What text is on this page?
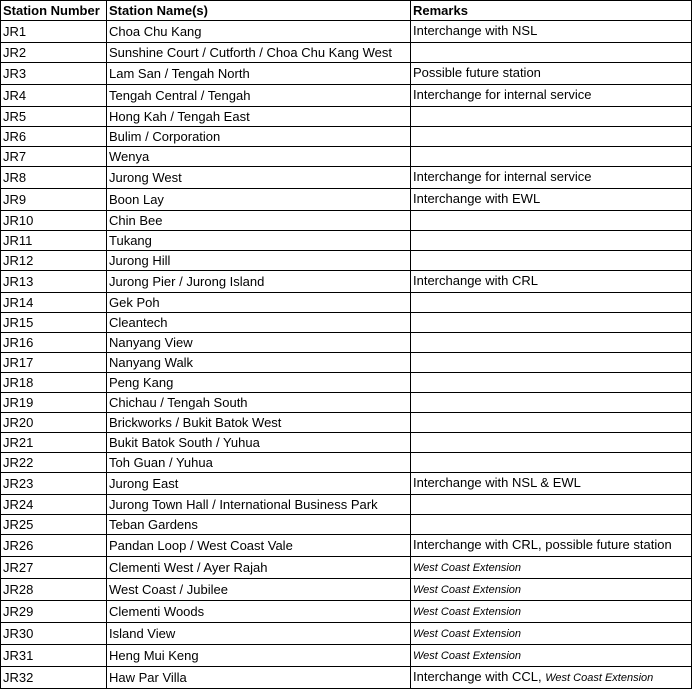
Station Number	Station Name(s)	Remarks
JR1	Choa Chu Kang	Interchange with NSL
JR2	Sunshine Court / Cutforth / Choa Chu Kang West	
JR3	Lam San / Tengah North	Possible future station
JR4	Tengah Central / Tengah	Interchange for internal service
JR5	Hong Kah / Tengah East	
JR6	Bulim / Corporation	
JR7	Wenya	
JR8	Jurong West	Interchange for internal service
JR9	Boon Lay	Interchange with EWL
JR10	Chin Bee	
JR11	Tukang	
JR12	Jurong Hill	
JR13	Jurong Pier / Jurong Island	Interchange with CRL
JR14	Gek Poh	
JR15	Cleantech	
JR16	Nanyang View	
JR17	Nanyang Walk	
JR18	Peng Kang	
JR19	Chichau / Tengah South	
JR20	Brickworks / Bukit Batok West	
JR21	Bukit Batok South / Yuhua	
JR22	Toh Guan / Yuhua	
JR23	Jurong East	Interchange with NSL & EWL
JR24	Jurong Town Hall / International Business Park	
JR25	Teban Gardens	
JR26	Pandan Loop / West Coast Vale	Interchange with CRL, possible future station
JR27	Clementi West / Ayer Rajah	West Coast Extension
JR28	West Coast / Jubilee	West Coast Extension
JR29	Clementi Woods	West Coast Extension
JR30	Island View	West Coast Extension
JR31	Heng Mui Keng	West Coast Extension
JR32	Haw Par Villa	Interchange with CCL, West Coast Extension
